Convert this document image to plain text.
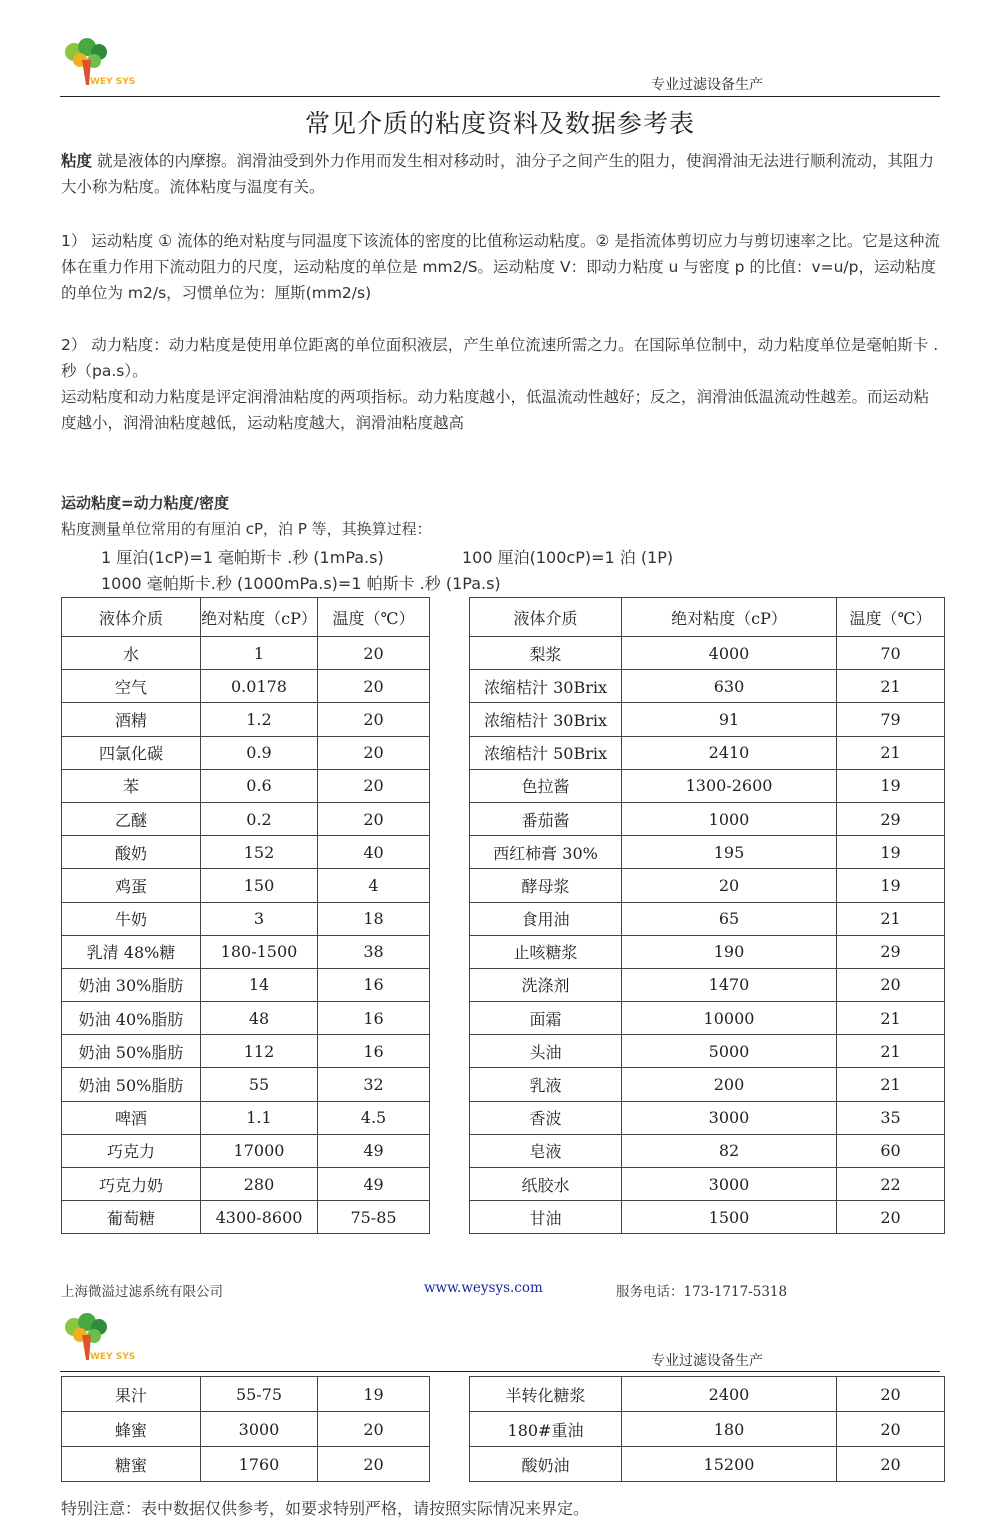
WEY SYS	专业过滤设备生产
常见介质的粘度资料及数据参考表
粘度 就是液体的内摩擦。润滑油受到外力作用而发生相对移动时，油分子之间产生的阻力，使润滑油无法进行顺利流动，其阻力大小称为粘度。流体粘度与温度有关。
1） 运动粘度 ① 流体的绝对粘度与同温度下该流体的密度的比值称运动粘度。② 是指流体剪切应力与剪切速率之比。它是这种流体在重力作用下流动阻力的尺度，运动粘度的单位是 mm2/S。运动粘度 V：即动力粘度 u 与密度 p 的比值：v=u/p，运动粘度的单位为 m2/s，习惯单位为：厘斯(mm2/s)
2） 动力粘度：动力粘度是使用单位距离的单位面积液层，产生单位流速所需之力。在国际单位制中，动力粘度单位是毫帕斯卡 .秒（pa.s）。
运动粘度和动力粘度是评定润滑油粘度的两项指标。动力粘度越小，低温流动性越好；反之，润滑油低温流动性越差。而运动粘度越小，润滑油粘度越低，运动粘度越大，润滑油粘度越高
运动粘度=动力粘度/密度
粘度测量单位常用的有厘泊 cP，泊 P 等，其换算过程：
1 厘泊(1cP)=1 毫帕斯卡 .秒 (1mPa.s)	100 厘泊(100cP)=1 泊 (1P)
1000 毫帕斯卡.秒 (1000mPa.s)=1 帕斯卡 .秒 (1Pa.s)
液体介质	绝对粘度（cP）	温度（℃）		液体介质	绝对粘度（cP）	温度（℃）
水	1	20		梨浆	4000	70
空气	0.0178	20		浓缩桔汁 30Brix	630	21
酒精	1.2	20		浓缩桔汁 30Brix	91	79
四氯化碳	0.9	20		浓缩桔汁 50Brix	2410	21
苯	0.6	20		色拉酱	1300-2600	19
乙醚	0.2	20		番茄酱	1000	29
酸奶	152	40		西红柿膏 30%	195	19
鸡蛋	150	4		酵母浆	20	19
牛奶	3	18		食用油	65	21
乳清 48%糖	180-1500	38		止咳糖浆	190	29
奶油 30%脂肪	14	16		洗涤剂	1470	20
奶油 40%脂肪	48	16		面霜	10000	21
奶油 50%脂肪	112	16		头油	5000	21
奶油 50%脂肪	55	32		乳液	200	21
啤酒	1.1	4.5		香波	3000	35
巧克力	17000	49		皂液	82	60
巧克力奶	280	49		纸胶水	3000	22
葡萄糖	4300-8600	75-85		甘油	1500	20
上海微溢过滤系统有限公司	www.weysys.com	服务电话：173-1717-5318
WEY SYS	专业过滤设备生产
果汁	55-75	19		半转化糖浆	2400	20
蜂蜜	3000	20		180#重油	180	20
糖蜜	1760	20		酸奶油	15200	20
特别注意：表中数据仅供参考，如要求特别严格，请按照实际情况来界定。
